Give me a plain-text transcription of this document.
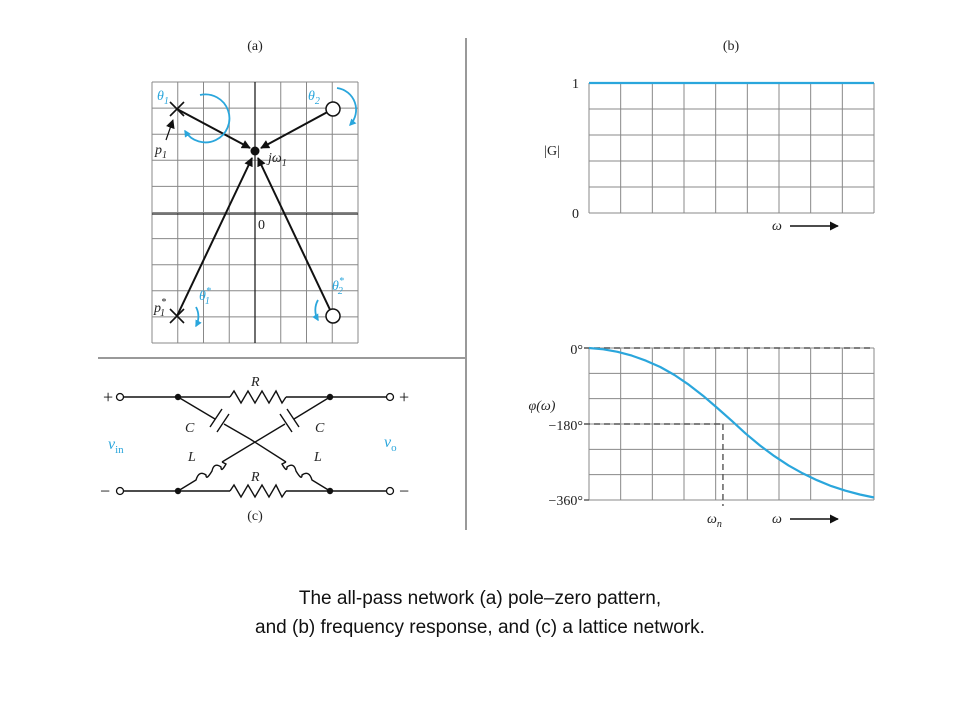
(a)
0
$\theta_1$	$\theta_2$
θ* 1
θ* 2
$p_1$
p* 1
$j\omega_1$
(b)
|G|
1
0
ω
φ(ω)
0°
−180°
−360°
$\omega_n$	ω
(c)
+
−
+
−
$v_{in}$	$v_o$
R
R
C	C
L	L
The all-pass network (a) pole–zero pattern,
and (b) frequency response, and (c) a lattice network.
